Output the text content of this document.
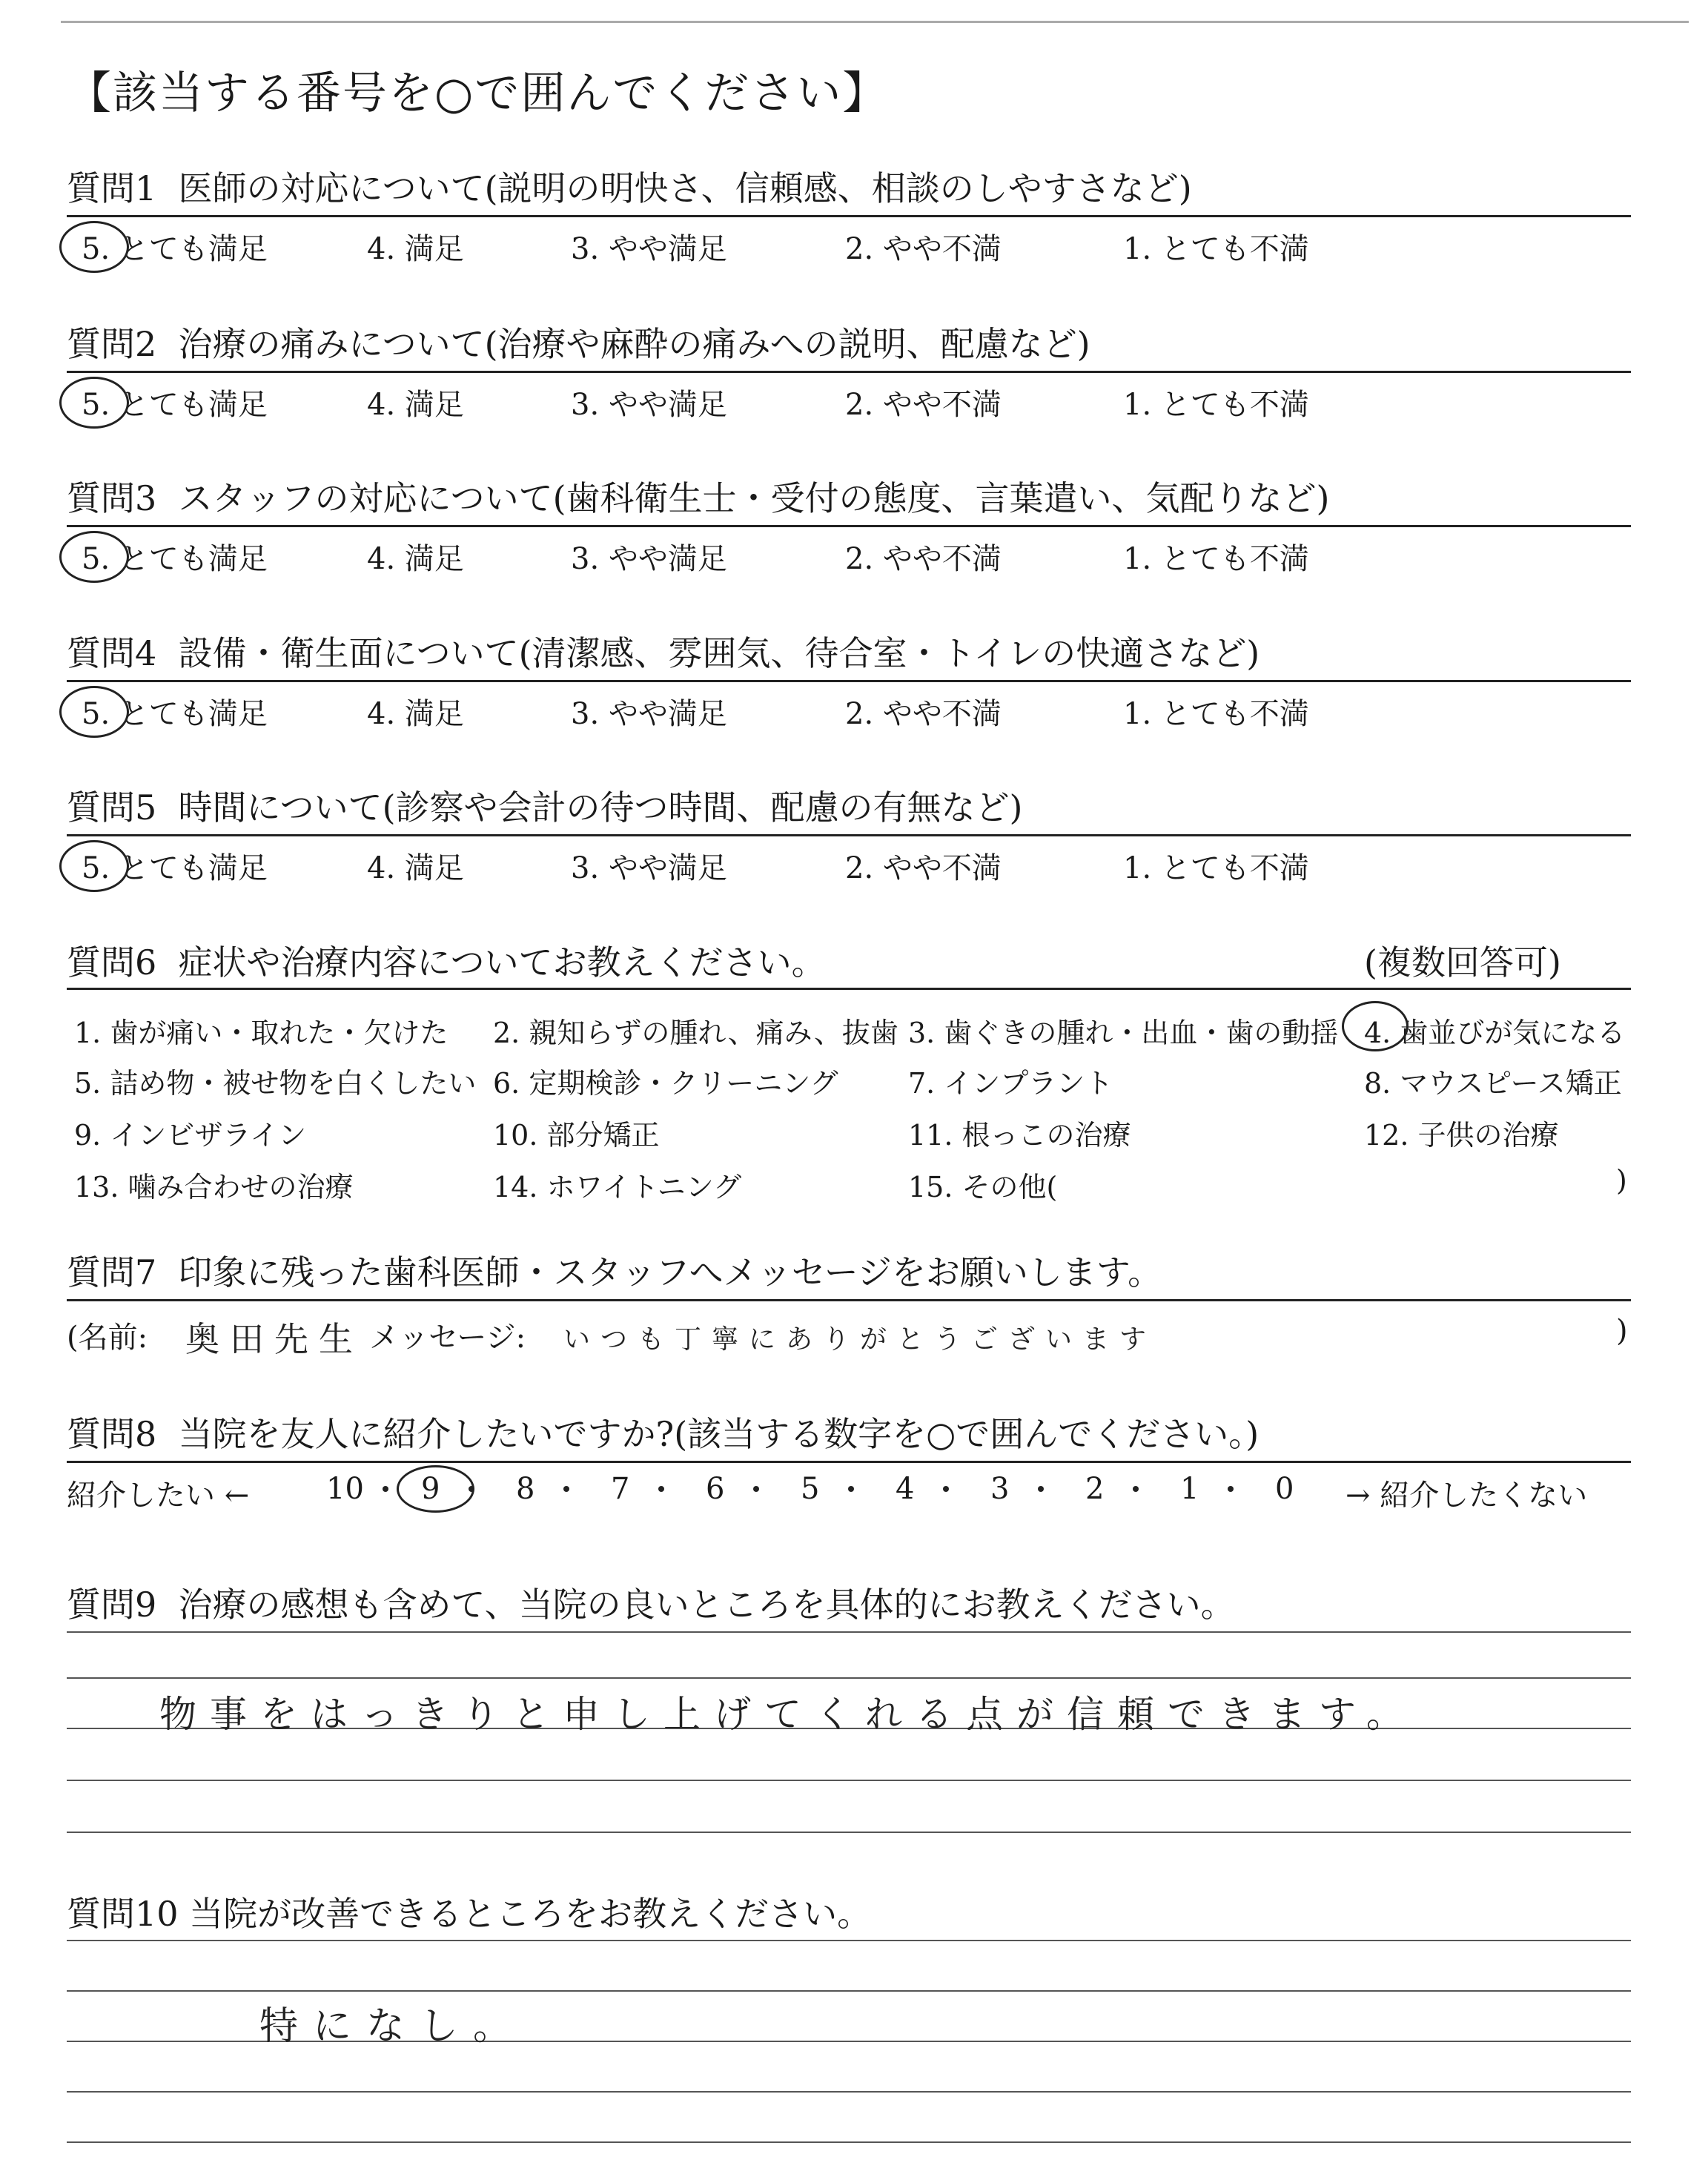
【該当する番号を○で囲んでください】
質問1 医師の対応について(説明の明快さ、信頼感、相談のしやすさなど)
5. とても満足	4. 満足	3. やや満足	2. やや不満	1. とても不満
質問2 治療の痛みについて(治療や麻酔の痛みへの説明、配慮など)
5. とても満足	4. 満足	3. やや満足	2. やや不満	1. とても不満
質問3 スタッフの対応について(歯科衛生士・受付の態度、言葉遣い、気配りなど)
5. とても満足	4. 満足	3. やや満足	2. やや不満	1. とても不満
質問4 設備・衛生面について(清潔感、雰囲気、待合室・トイレの快適さなど)
5. とても満足	4. 満足	3. やや満足	2. やや不満	1. とても不満
質問5 時間について(診察や会計の待つ時間、配慮の有無など)
5. とても満足	4. 満足	3. やや満足	2. やや不満	1. とても不満
質問6 症状や治療内容についてお教えください。	(複数回答可)
1. 歯が痛い・取れた・欠けた 2. 親知らずの腫れ、痛み、抜歯 3. 歯ぐきの腫れ・出血・歯の動揺 4. 歯並びが気になる
5. 詰め物・被せ物を白くしたい 6. 定期検診・クリーニング 7. インプラント	8. マウスピース矯正
9. インビザライン	10. 部分矯正	11. 根っこの治療	12. 子供の治療
13. 噛み合わせの治療	14. ホワイトニング	15. その他(	)
質問7 印象に残った歯科医師・スタッフへメッセージをお願いします。
(名前: 奥田先生 メッセージ: いつも丁寧にありがとうございます	)
質問8 当院を友人に紹介したいですか?(該当する数字を○で囲んでください。)
紹介したい ←	10 9	8	7	6	5	4	3	2	1	0 → 紹介したくない
質問9 治療の感想も含めて、当院の良いところを具体的にお教えください。
物事をはっきりと申し上げてくれる点が信頼できます。
質問10 当院が改善できるところをお教えください。
特になし。
